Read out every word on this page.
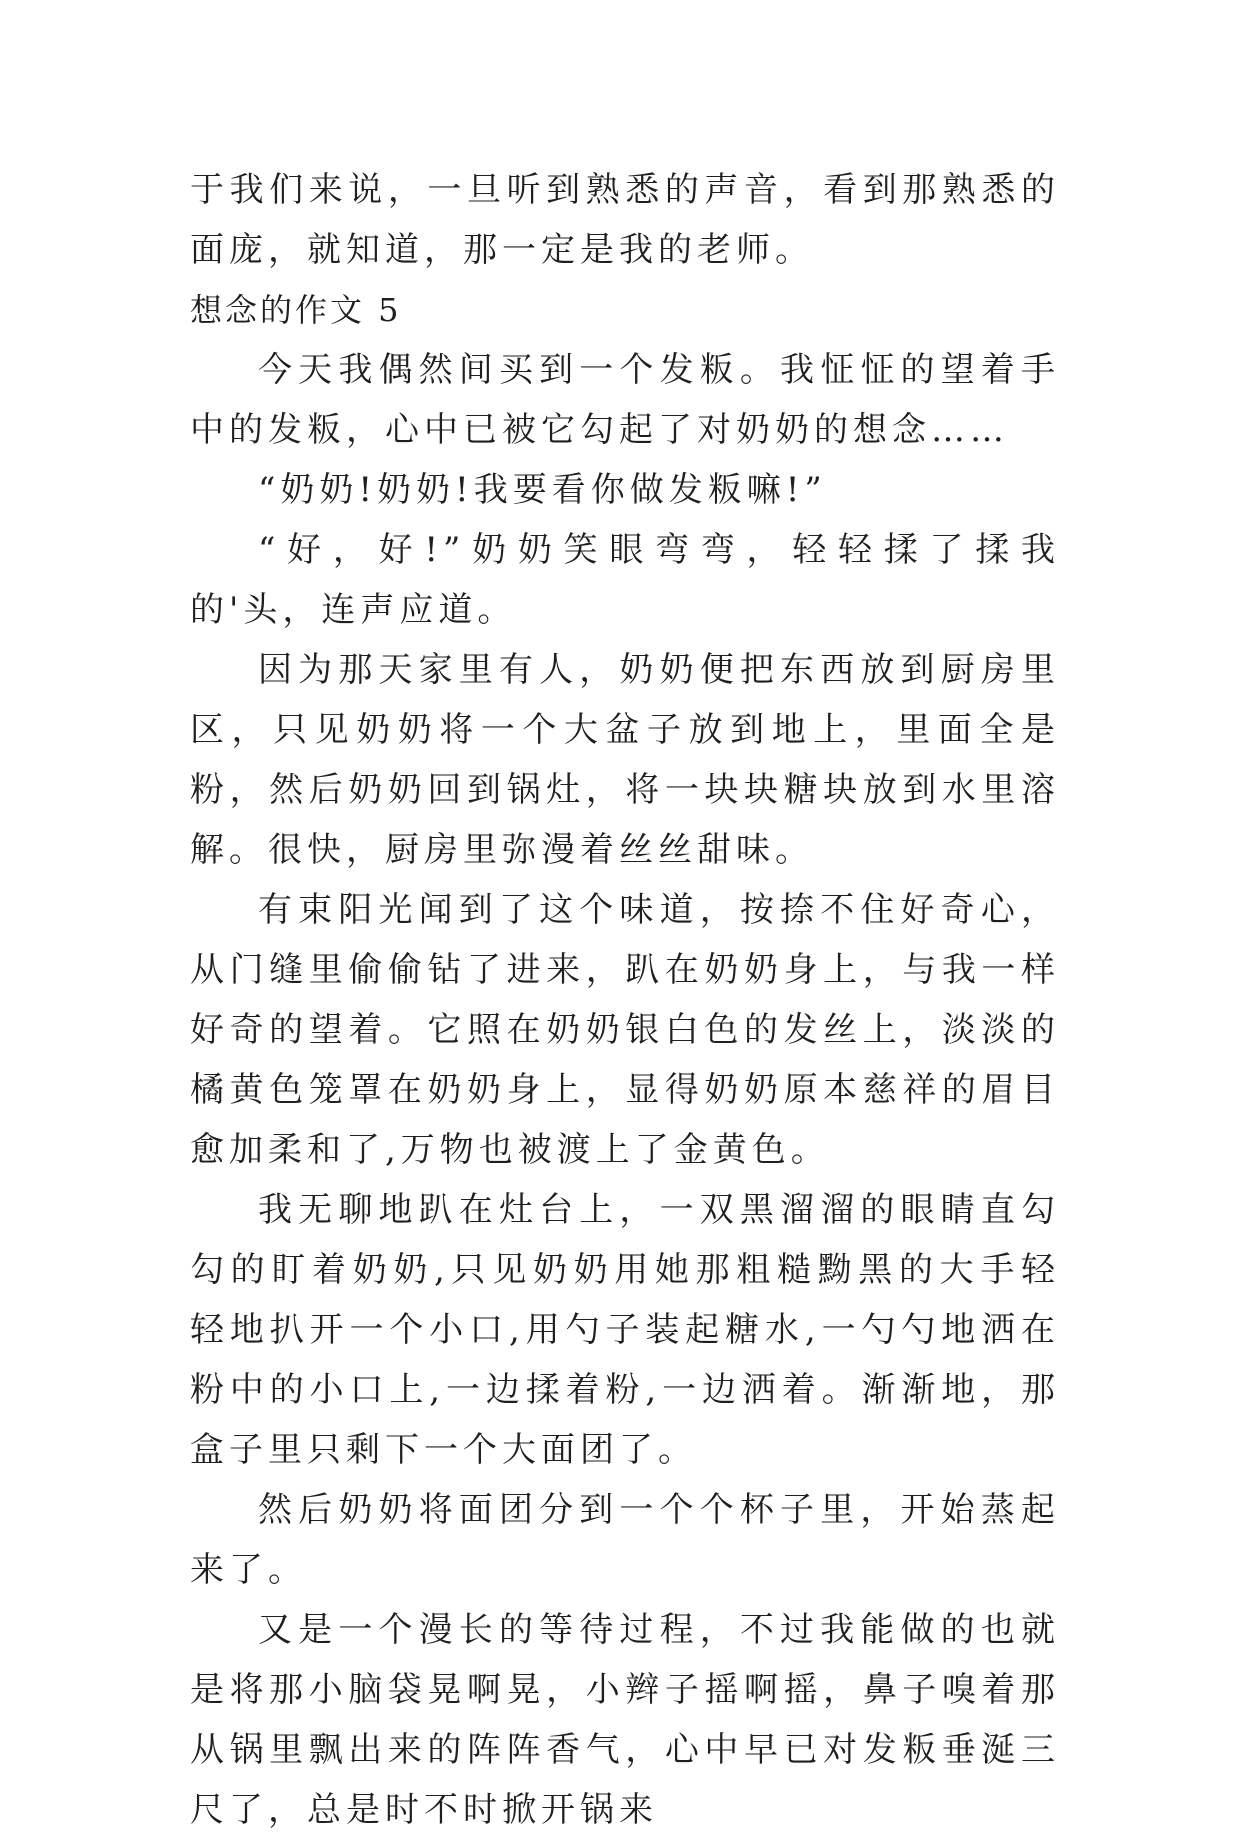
于我们来说，一旦听到熟悉的声音，看到那熟悉的面庞，就知道，那一定是我的老师。

想念的作文 5

今天我偶然间买到一个发粄。我怔怔的望着手中的发粄，心中已被它勾起了对奶奶的想念……

“奶奶!奶奶!我要看你做发粄嘛!”

“好，好!”奶奶笑眼弯弯，轻轻揉了揉我的'头，连声应道。

因为那天家里有人，奶奶便把东西放到厨房里区，只见奶奶将一个大盆子放到地上，里面全是粉，然后奶奶回到锅灶，将一块块糖块放到水里溶解。很快，厨房里弥漫着丝丝甜味。

有束阳光闻到了这个味道，按捺不住好奇心，从门缝里偷偷钻了进来，趴在奶奶身上，与我一样好奇的望着。它照在奶奶银白色的发丝上，淡淡的橘黄色笼罩在奶奶身上，显得奶奶原本慈祥的眉目愈加柔和了,万物也被渡上了金黄色。

我无聊地趴在灶台上，一双黑溜溜的眼睛直勾勾的盯着奶奶,只见奶奶用她那粗糙黝黑的大手轻轻地扒开一个小口,用勺子装起糖水,一勺勺地洒在粉中的小口上,一边揉着粉,一边洒着。渐渐地，那盒子里只剩下一个大面团了。

然后奶奶将面团分到一个个杯子里，开始蒸起来了。

又是一个漫长的等待过程，不过我能做的也就是将那小脑袋晃啊晃，小辫子摇啊摇，鼻子嗅着那从锅里飘出来的阵阵香气，心中早已对发粄垂涎三尺了，总是时不时掀开锅来
